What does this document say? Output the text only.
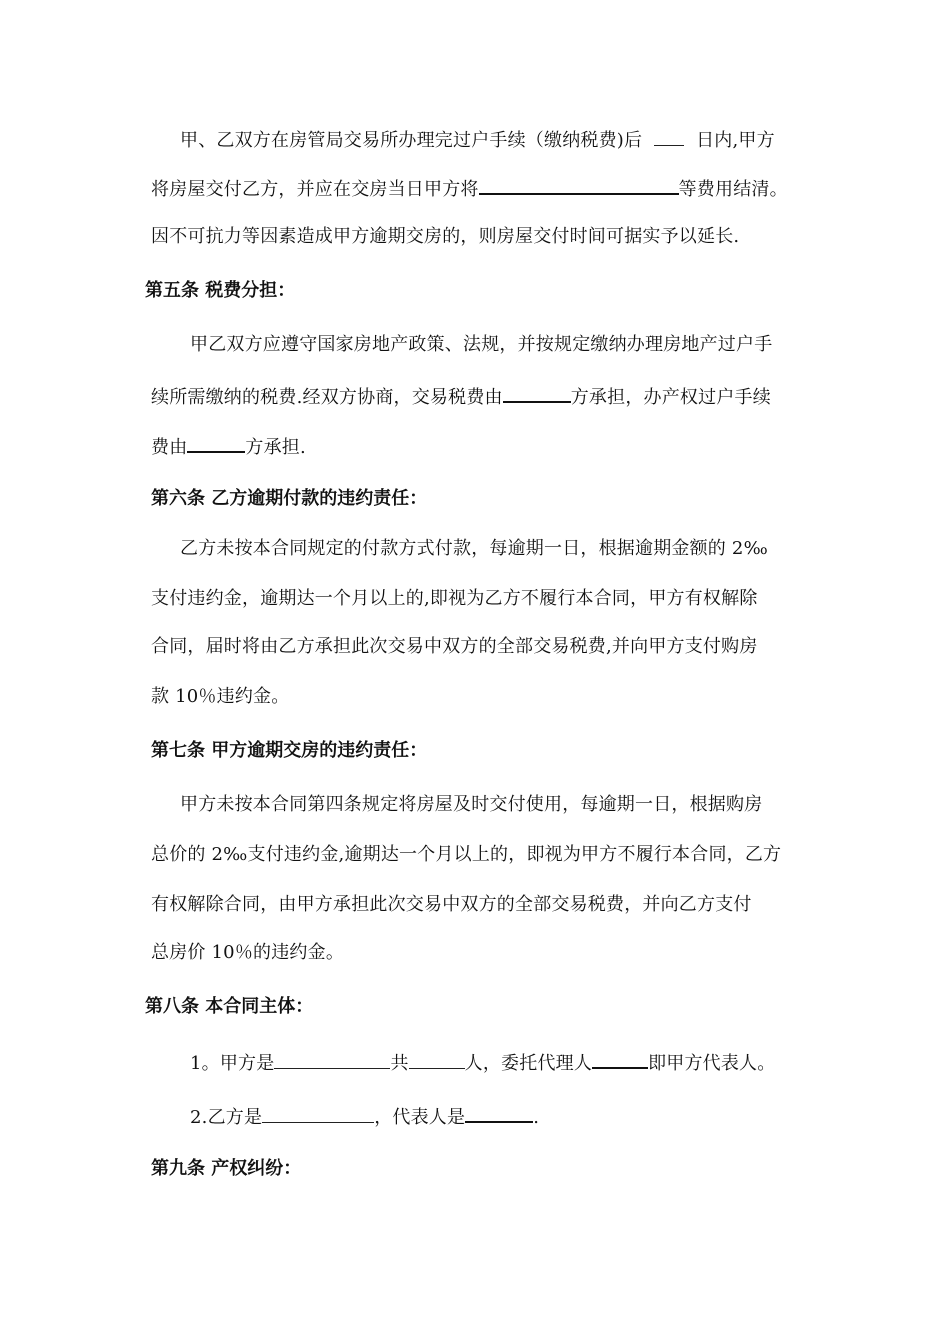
甲、乙双方在房管局交易所办理完过户手续（缴纳税费)后	日内,甲方
将房屋交付乙方，并应在交房当日甲方将	等费用结清。
因不可抗力等因素造成甲方逾期交房的，则房屋交付时间可据实予以延长.
第五条 税费分担：
甲乙双方应遵守国家房地产政策、法规，并按规定缴纳办理房地产过户手
续所需缴纳的税费.经双方协商，交易税费由	方承担，办产权过户手续
费由	方承担.
第六条 乙方逾期付款的违约责任：
乙方未按本合同规定的付款方式付款，每逾期一日，根据逾期金额的 2‰
支付违约金，逾期达一个月以上的,即视为乙方不履行本合同，甲方有权解除
合同，届时将由乙方承担此次交易中双方的全部交易税费,并向甲方支付购房
款 10％违约金。
第七条 甲方逾期交房的违约责任：
甲方未按本合同第四条规定将房屋及时交付使用，每逾期一日，根据购房
总价的 2‰支付违约金,逾期达一个月以上的，即视为甲方不履行本合同，乙方
有权解除合同，由甲方承担此次交易中双方的全部交易税费，并向乙方支付
总房价 10％的违约金。
第八条 本合同主体：
1。甲方是	共	人，委托代理人	即甲方代表人。
2.乙方是	，代表人是	.
第九条 产权纠纷：
